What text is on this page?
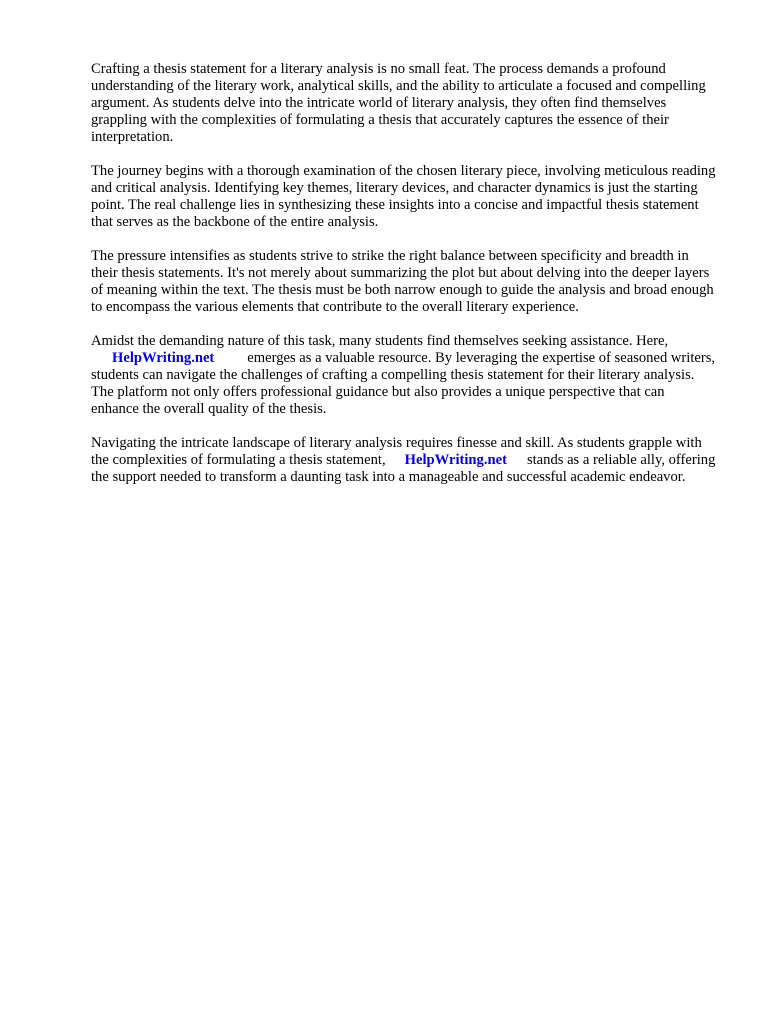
Crafting a thesis statement for a literary analysis is no small feat. The process demands a profound understanding of the literary work, analytical skills, and the ability to articulate a focused and compelling argument. As students delve into the intricate world of literary analysis, they often find themselves grappling with the complexities of formulating a thesis that accurately captures the essence of their interpretation.

The journey begins with a thorough examination of the chosen literary piece, involving meticulous reading and critical analysis. Identifying key themes, literary devices, and character dynamics is just the starting point. The real challenge lies in synthesizing these insights into a concise and impactful thesis statement that serves as the backbone of the entire analysis.

The pressure intensifies as students strive to strike the right balance between specificity and breadth in their thesis statements. It's not merely about summarizing the plot but about delving into the deeper layers of meaning within the text. The thesis must be both narrow enough to guide the analysis and broad enough to encompass the various elements that contribute to the overall literary experience.

Amidst the demanding nature of this task, many students find themselves seeking assistance. Here,
HelpWriting.net emerges as a valuable resource. By leveraging the expertise of seasoned writers, students can navigate the challenges of crafting a compelling thesis statement for their literary analysis. The platform not only offers professional guidance but also provides a unique perspective that can enhance the overall quality of the thesis.

Navigating the intricate landscape of literary analysis requires finesse and skill. As students grapple with the complexities of formulating a thesis statement, HelpWriting.net stands as a reliable ally, offering the support needed to transform a daunting task into a manageable and successful academic endeavor.
